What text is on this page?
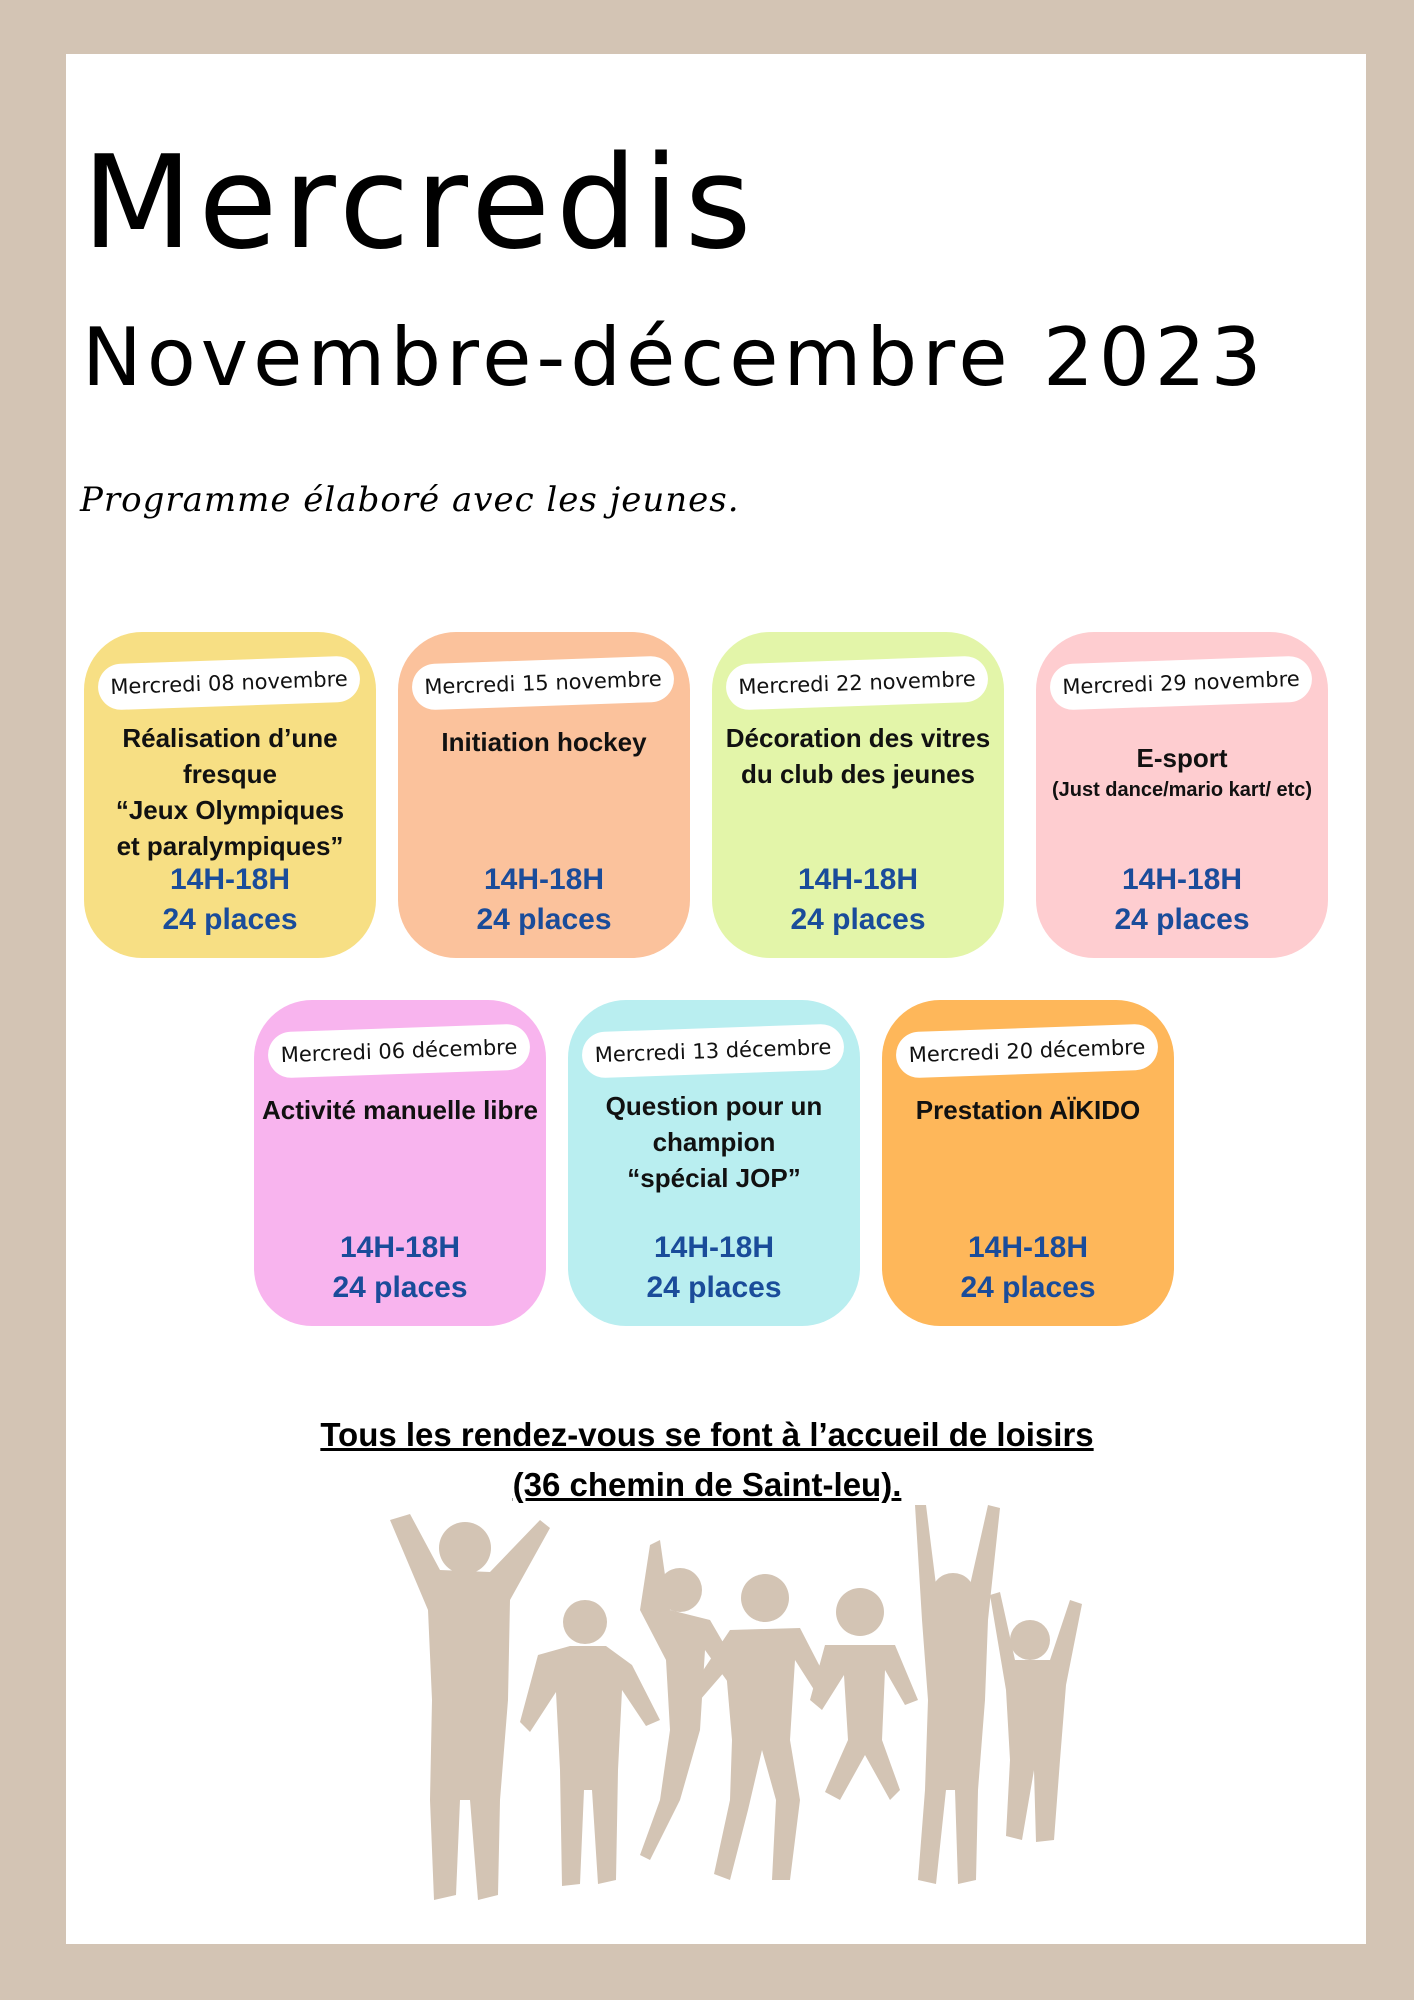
Mercredis
Novembre-décembre 2023
Programme élaboré avec les jeunes.
Mercredi 08 novembre
Réalisation d’une
fresque
“Jeux Olympiques
et paralympiques”
14H-18H
24 places
Mercredi 15 novembre
Initiation hockey
14H-18H
24 places
Mercredi 22 novembre
Décoration des vitres
du club des jeunes
14H-18H
24 places
Mercredi 29 novembre
E-sport
(Just dance/mario kart/ etc)
14H-18H
24 places
Mercredi 06 décembre
Activité manuelle libre
14H-18H
24 places
Mercredi 13 décembre
Question pour un
champion
“spécial JOP”
14H-18H
24 places
Mercredi 20 décembre
Prestation AÏKIDO
14H-18H
24 places
Tous les rendez-vous se font à l’accueil de loisirs
(36 chemin de Saint-leu).
